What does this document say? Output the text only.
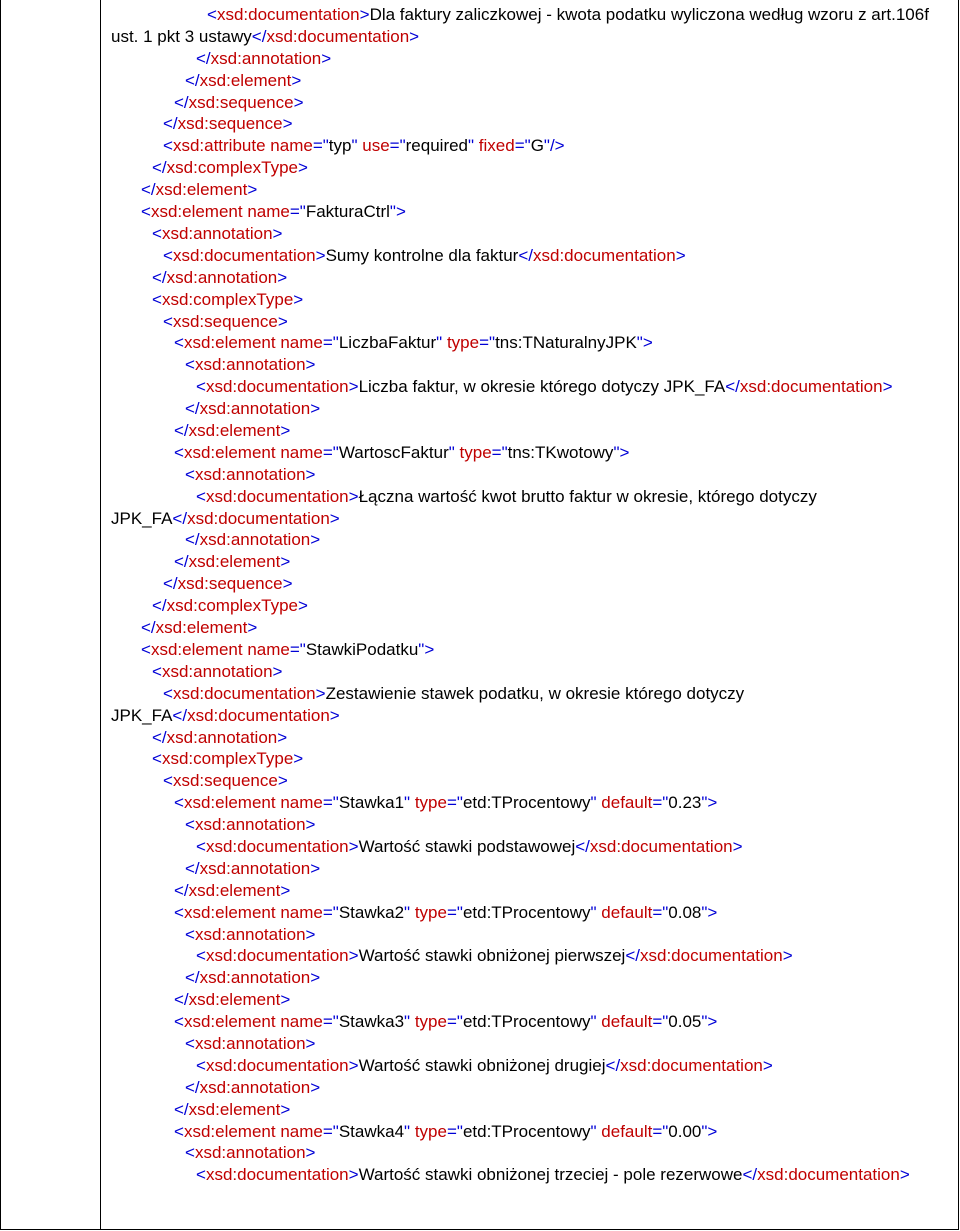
<xsd:documentation>Dla faktury zaliczkowej - kwota podatku wyliczona według wzoru z art.106f ust. 1 pkt 3 ustawy</xsd:documentation>
</xsd:annotation>
</xsd:element>
</xsd:sequence>
</xsd:sequence>
<xsd:attribute name="typ" use="required" fixed="G"/>
</xsd:complexType>
</xsd:element>
<xsd:element name="FakturaCtrl">
<xsd:annotation>
<xsd:documentation>Sumy kontrolne dla faktur</xsd:documentation>
</xsd:annotation>
<xsd:complexType>
<xsd:sequence>
<xsd:element name="LiczbaFaktur" type="tns:TNaturalnyJPK">
<xsd:annotation>
<xsd:documentation>Liczba faktur, w okresie którego dotyczy JPK_FA</xsd:documentation>
</xsd:annotation>
</xsd:element>
<xsd:element name="WartoscFaktur" type="tns:TKwotowy">
<xsd:annotation>
<xsd:documentation>Łączna wartość kwot brutto faktur w okresie, którego dotyczy JPK_FA</xsd:documentation>
</xsd:annotation>
</xsd:element>
</xsd:sequence>
</xsd:complexType>
</xsd:element>
<xsd:element name="StawkiPodatku">
<xsd:annotation>
<xsd:documentation>Zestawienie stawek podatku, w okresie którego dotyczy JPK_FA</xsd:documentation>
</xsd:annotation>
<xsd:complexType>
<xsd:sequence>
<xsd:element name="Stawka1" type="etd:TProcentowy" default="0.23">
<xsd:annotation>
<xsd:documentation>Wartość stawki podstawowej</xsd:documentation>
</xsd:annotation>
</xsd:element>
<xsd:element name="Stawka2" type="etd:TProcentowy" default="0.08">
<xsd:annotation>
<xsd:documentation>Wartość stawki obniżonej pierwszej</xsd:documentation>
</xsd:annotation>
</xsd:element>
<xsd:element name="Stawka3" type="etd:TProcentowy" default="0.05">
<xsd:annotation>
<xsd:documentation>Wartość stawki obniżonej drugiej</xsd:documentation>
</xsd:annotation>
</xsd:element>
<xsd:element name="Stawka4" type="etd:TProcentowy" default="0.00">
<xsd:annotation>
<xsd:documentation>Wartość stawki obniżonej trzeciej - pole rezerwowe</xsd:documentation>
